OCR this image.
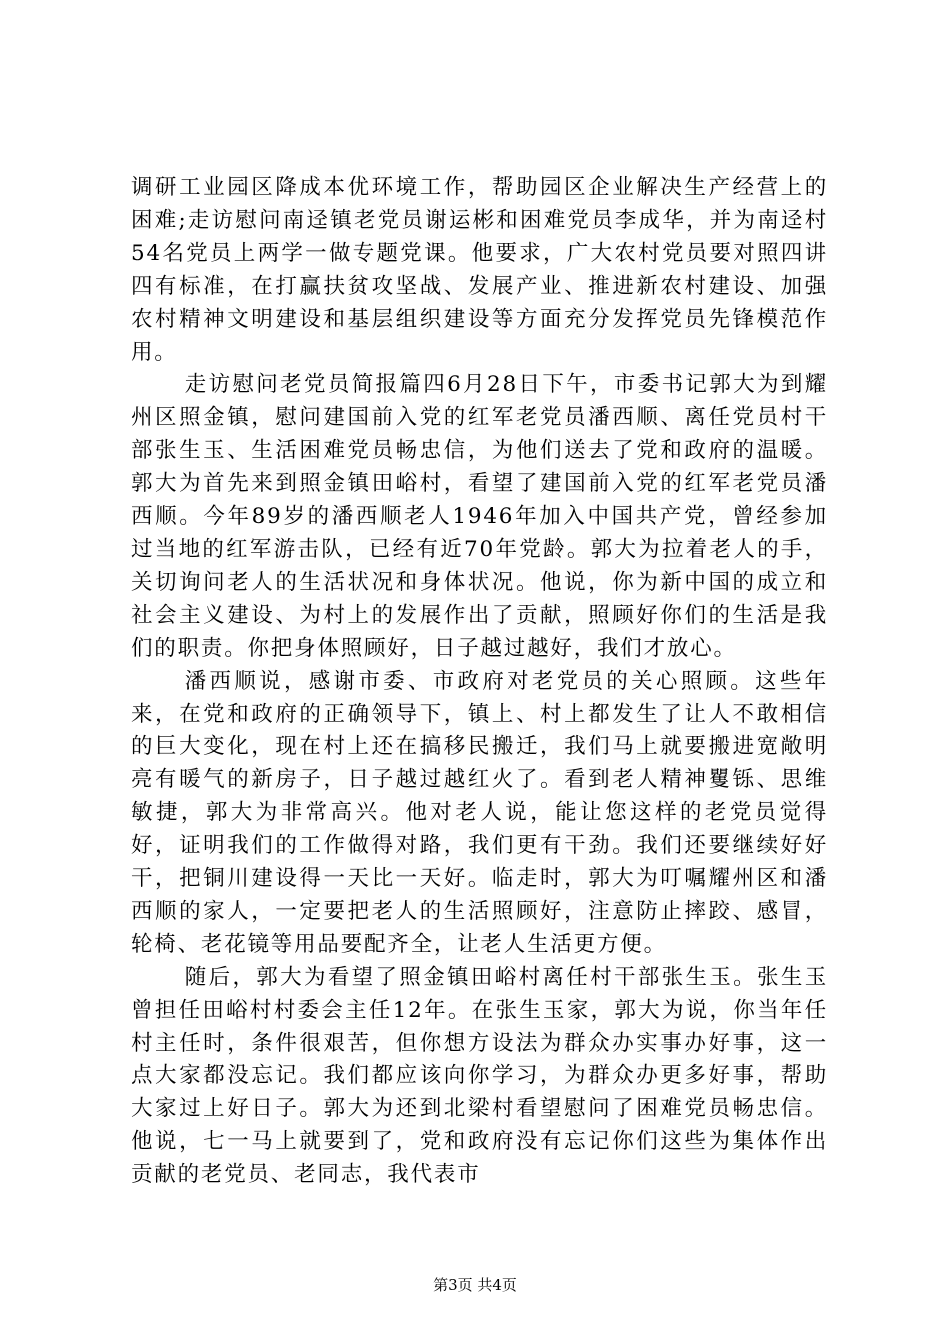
调研工业园区降成本优环境工作，帮助园区企业解决生产经营上的困难;走访慰问南迳镇老党员谢运彬和困难党员李成华，并为南迳村54名党员上两学一做专题党课。他要求，广大农村党员要对照四讲四有标准，在打赢扶贫攻坚战、发展产业、推进新农村建设、加强农村精神文明建设和基层组织建设等方面充分发挥党员先锋模范作用。

走访慰问老党员简报篇四6月28日下午，市委书记郭大为到耀州区照金镇，慰问建国前入党的红军老党员潘西顺、离任党员村干部张生玉、生活困难党员畅忠信，为他们送去了党和政府的温暖。郭大为首先来到照金镇田峪村，看望了建国前入党的红军老党员潘西顺。今年89岁的潘西顺老人1946年加入中国共产党，曾经参加过当地的红军游击队，已经有近70年党龄。郭大为拉着老人的手，关切询问老人的生活状况和身体状况。他说，你为新中国的成立和社会主义建设、为村上的发展作出了贡献，照顾好你们的生活是我们的职责。你把身体照顾好，日子越过越好，我们才放心。

潘西顺说，感谢市委、市政府对老党员的关心照顾。这些年来，在党和政府的正确领导下，镇上、村上都发生了让人不敢相信的巨大变化，现在村上还在搞移民搬迁，我们马上就要搬进宽敞明亮有暖气的新房子，日子越过越红火了。看到老人精神矍铄、思维敏捷，郭大为非常高兴。他对老人说，能让您这样的老党员觉得好，证明我们的工作做得对路，我们更有干劲。我们还要继续好好干，把铜川建设得一天比一天好。临走时，郭大为叮嘱耀州区和潘西顺的家人，一定要把老人的生活照顾好，注意防止摔跤、感冒，轮椅、老花镜等用品要配齐全，让老人生活更方便。

随后，郭大为看望了照金镇田峪村离任村干部张生玉。张生玉曾担任田峪村村委会主任12年。在张生玉家，郭大为说，你当年任村主任时，条件很艰苦，但你想方设法为群众办实事办好事，这一点大家都没忘记。我们都应该向你学习，为群众办更多好事，帮助大家过上好日子。郭大为还到北梁村看望慰问了困难党员畅忠信。他说，七一马上就要到了，党和政府没有忘记你们这些为集体作出贡献的老党员、老同志，我代表市

第3页 共4页
